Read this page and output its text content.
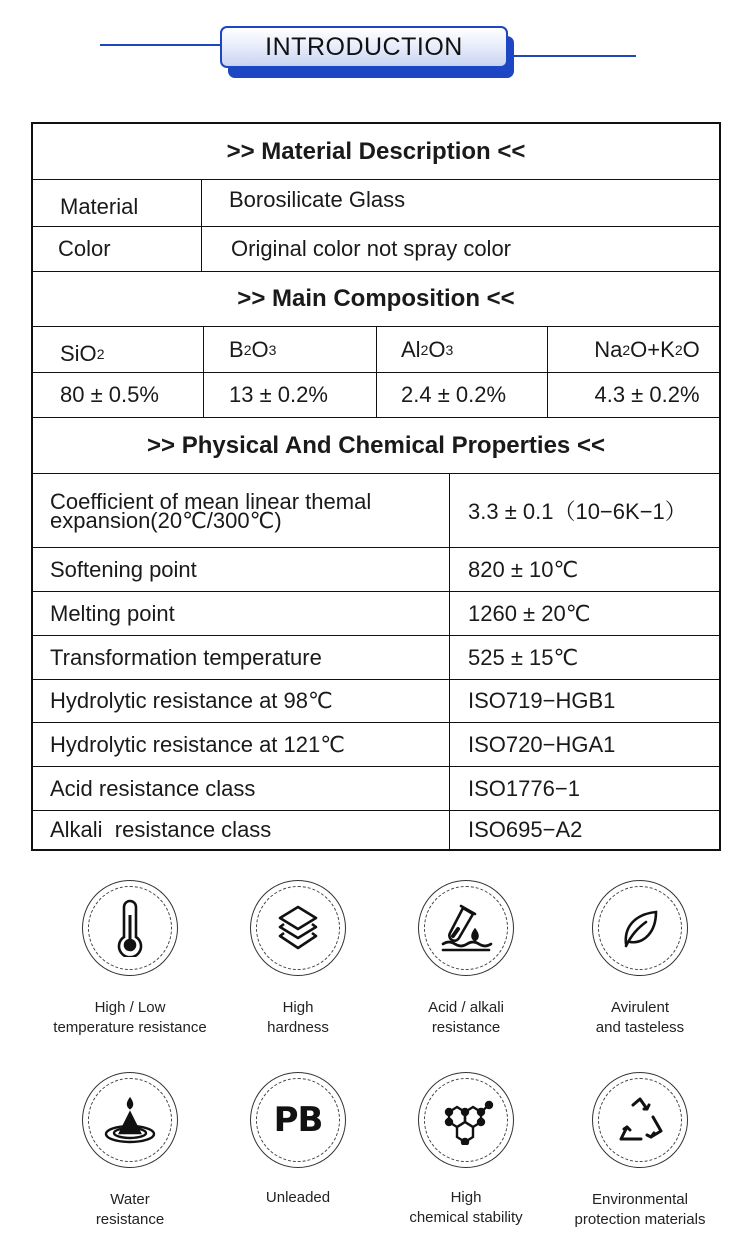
INTRODUCTION
>> Material Description <<
Material	Borosilicate Glass
Color	Original color not spray color
>> Main Composition <<
SiO 2	B 2 O 3	Al 2 O 3	Na 2 O+K 2 O
80 ± 0.5%	13 ± 0.2%	2.4 ± 0.2%	4.3 ± 0.2%
>> Physical And Chemical Properties <<
Coefficient of mean linear themal expansion(20℃/300℃)	3.3 ± 0.1（10−6K−1）
Softening point	820 ± 10℃
Melting point	1260 ± 20℃
Transformation temperature	525 ± 15℃
Hydrolytic resistance at 98℃	ISO719−HGB1
Hydrolytic resistance at 121℃	ISO720−HGA1
Acid resistance class	ISO1776−1
Alkali  resistance class	ISO695−A2
High / Low
temperature resistance
High
hardness
Acid / alkali
resistance
Avirulent
and tasteless
Water
resistance
PB
Unleaded	High
chemical stability
Environmental
protection materials
